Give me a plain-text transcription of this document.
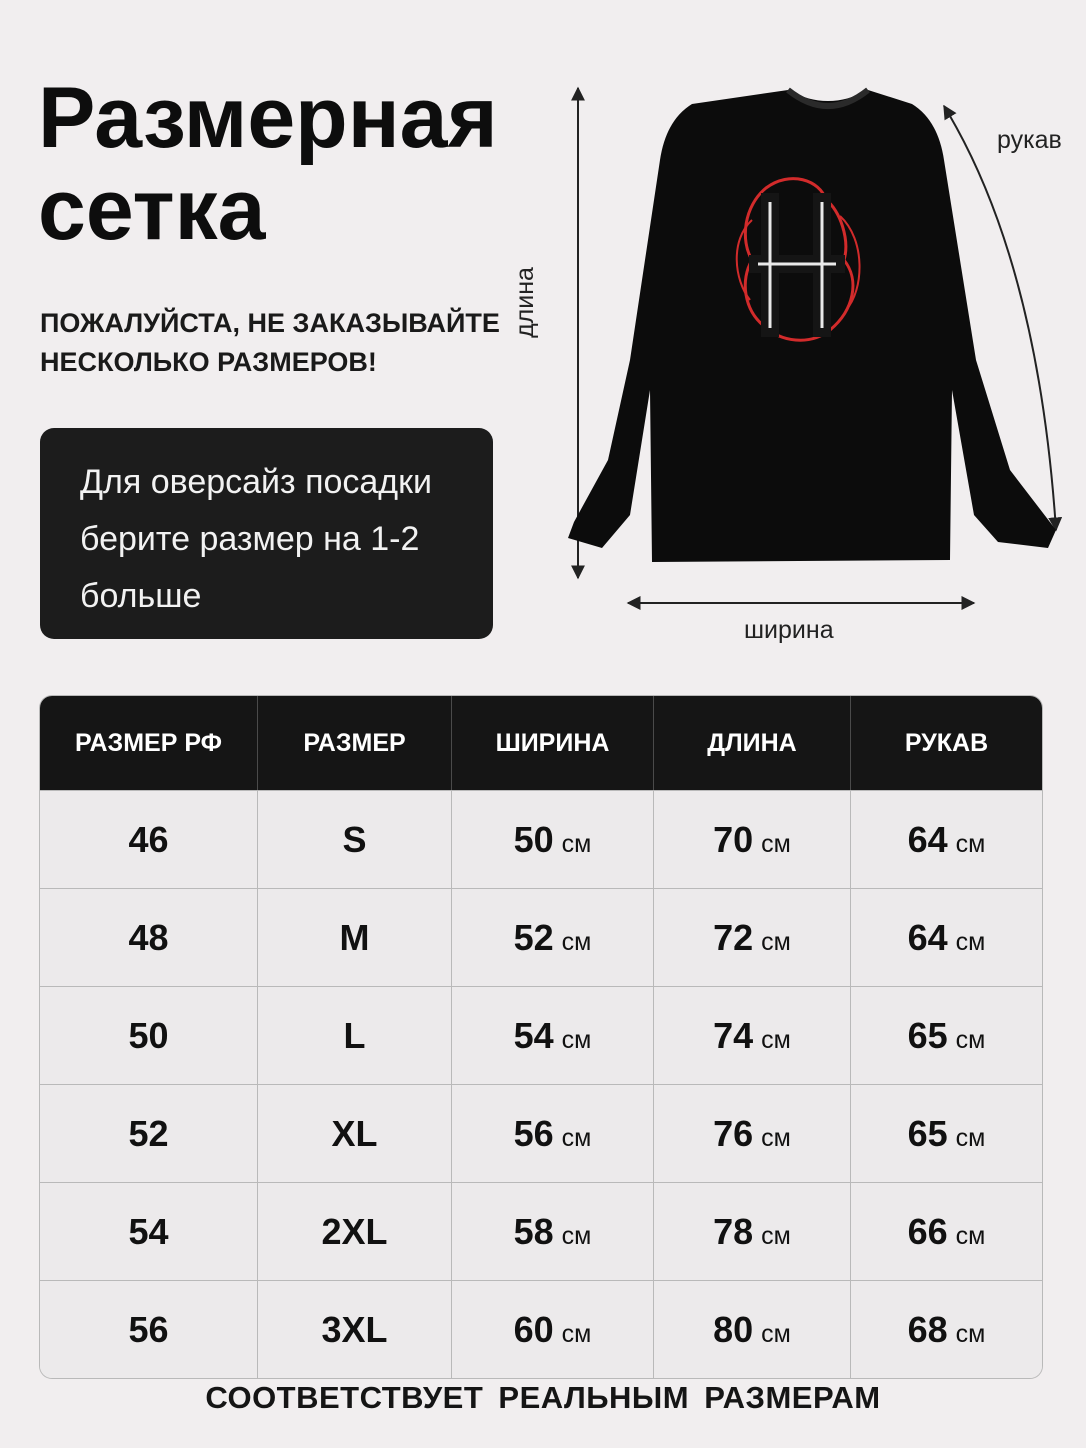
Размерная
сетка
ПОЖАЛУЙСТА, НЕ ЗАКАЗЫВАЙТЕ
НЕСКОЛЬКО РАЗМЕРОВ!
Для оверсайз посадки
берите размер на 1-2
больше
рукав
длина
ширина
РАЗМЕР РФ	РАЗМЕР	ШИРИНА	ДЛИНА	РУКАВ
46	S	50 см	70 см	64 см
48	M	52 см	72 см	64 см
50	L	54 см	74 см	65 см
52	XL	56 см	76 см	65 см
54	2XL	58 см	78 см	66 см
56	3XL	60 см	80 см	68 см
СООТВЕТСТВУЕТ РЕАЛЬНЫМ РАЗМЕРАМ
